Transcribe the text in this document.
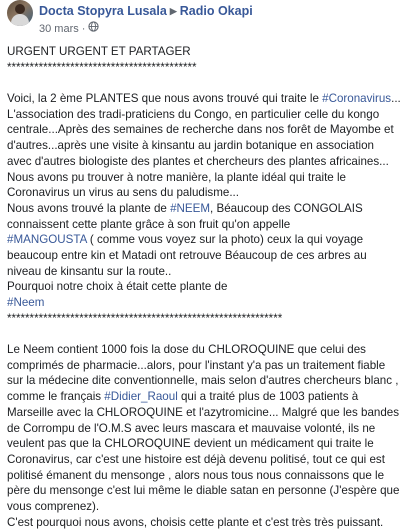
Docta Stopyra Lusala ▶ Radio Okapi
30 mars ·
URGENT URGENT ET PARTAGER
******************************************
Voici, la 2 ème PLANTES que nous avons trouvé qui traite le #Coronavirus...
L'association des tradi-praticiens du Congo, en particulier celle du kongo
centrale...Après des semaines de recherche dans nos forêt de Mayombe et
d'autres...après une visite à kinsantu au jardin botanique en association
avec d'autres biologiste des plantes et chercheurs des plantes africaines...
Nous avons pu trouver à notre manière, la plante idéal qui traite le
Coronavirus un virus au sens du paludisme...
Nous avons trouvé la plante de #NEEM, Béaucoup des CONGOLAIS
connaissent cette plante grâce à son fruit qu'on appelle
#MANGOUSTA ( comme vous voyez sur la photo) ceux la qui voyage
beaucoup entre kin et Matadi ont retrouve Béaucoup de ces arbres au
niveau de kinsantu sur la route..
Pourquoi notre choix à était cette plante de
#Neem
*************************************************************
Le Neem contient 1000 fois la dose du CHLOROQUINE que celui des
comprimés de pharmacie...alors, pour l'instant y'a pas un traitement fiable
sur la médecine dite conventionnelle, mais selon d'autres chercheurs blanc ,
comme le français #Didier_Raoul qui a traité plus de 1003 patients à
Marseille avec la CHLOROQUINE et l'azytromicine... Malgré que les bandes
de Corrompu de l'O.M.S avec leurs mascara et mauvaise volonté, ils ne
veulent pas que la CHLOROQUINE devient un médicament qui traite le
Coronavirus, car c'est une histoire est déjà devenu politisé, tout ce qui est
politisé émanent du mensonge , alors nous tous nous connaissons que le
père du mensonge c'est lui même le diable satan en personne (J'espère que
vous comprenez).
C'est pourquoi nous avons, choisis cette plante et c'est très très puissant.
